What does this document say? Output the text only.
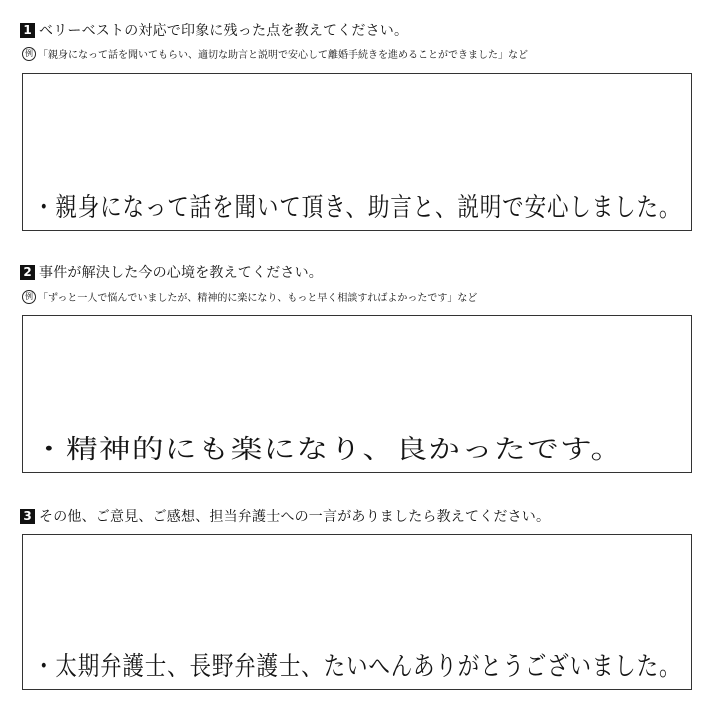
1 ベリーベストの対応で印象に残った点を教えてください。
例 「親身になって話を聞いてもらい、適切な助言と説明で安心して離婚手続きを進めることができました」など
・親身になって話を聞いて頂き、助言と、説明で安心しました。
2 事件が解決した今の心境を教えてください。
例 「ずっと一人で悩んでいましたが、精神的に楽になり、もっと早く相談すればよかったです」など
・精神的にも楽になり、良かったです。
3 その他、ご意見、ご感想、担当弁護士への一言がありましたら教えてください。
・太期弁護士、長野弁護士、たいへんありがとうございました。
